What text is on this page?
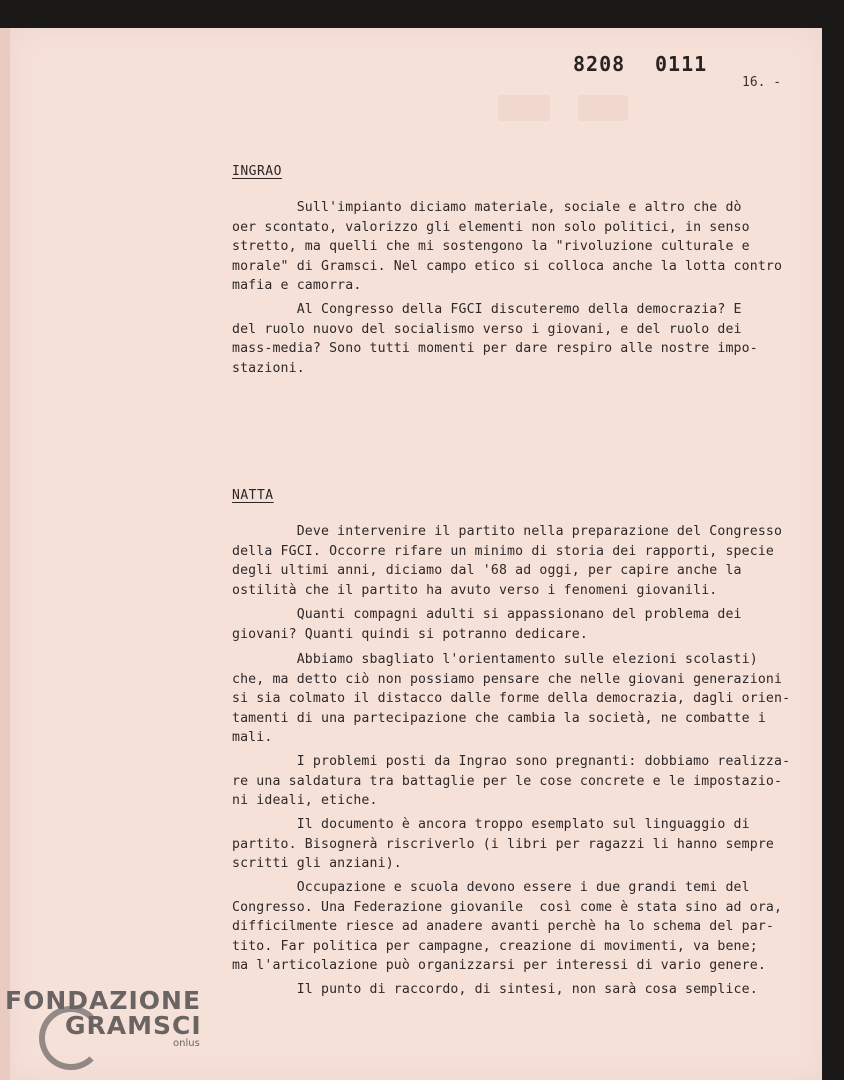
8208 0111
16. -
INGRAO
Sull'impianto diciamo materiale, sociale e altro che dò
oer scontato, valorizzo gli elementi non solo politici, in senso
stretto, ma quelli che mi sostengono la "rivoluzione culturale e
morale" di Gramsci. Nel campo etico si colloca anche la lotta contro
mafia e camorra.
Al Congresso della FGCI discuteremo della democrazia? E
del ruolo nuovo del socialismo verso i giovani, e del ruolo dei
mass-media? Sono tutti momenti per dare respiro alle nostre impo-
stazioni.
NATTA
Deve intervenire il partito nella preparazione del Congresso
della FGCI. Occorre rifare un minimo di storia dei rapporti, specie
degli ultimi anni, diciamo dal '68 ad oggi, per capire anche la
ostilità che il partito ha avuto verso i fenomeni giovanili.
Quanti compagni adulti si appassionano del problema dei
giovani? Quanti quindi si potranno dedicare.
Abbiamo sbagliato l'orientamento sulle elezioni scolasti)
che, ma detto ciò non possiamo pensare che nelle giovani generazioni
si sia colmato il distacco dalle forme della democrazia, dagli orien-
tamenti di una partecipazione che cambia la società, ne combatte i
mali.
I problemi posti da Ingrao sono pregnanti: dobbiamo realizza-
re una saldatura tra battaglie per le cose concrete e le impostazio-
ni ideali, etiche.
Il documento è ancora troppo esemplato sul linguaggio di
partito. Bisognerà riscriverlo (i libri per ragazzi li hanno sempre
scritti gli anziani).
Occupazione e scuola devono essere i due grandi temi del
Congresso. Una Federazione giovanile  così come è stata sino ad ora,
difficilmente riesce ad anadere avanti perchè ha lo schema del par-
tito. Far politica per campagne, creazione di movimenti, va bene;
ma l'articolazione può organizzarsi per interessi di vario genere.
Il punto di raccordo, di sintesi, non sarà cosa semplice.
FONDAZIONE
GRAMSCI
onlus
